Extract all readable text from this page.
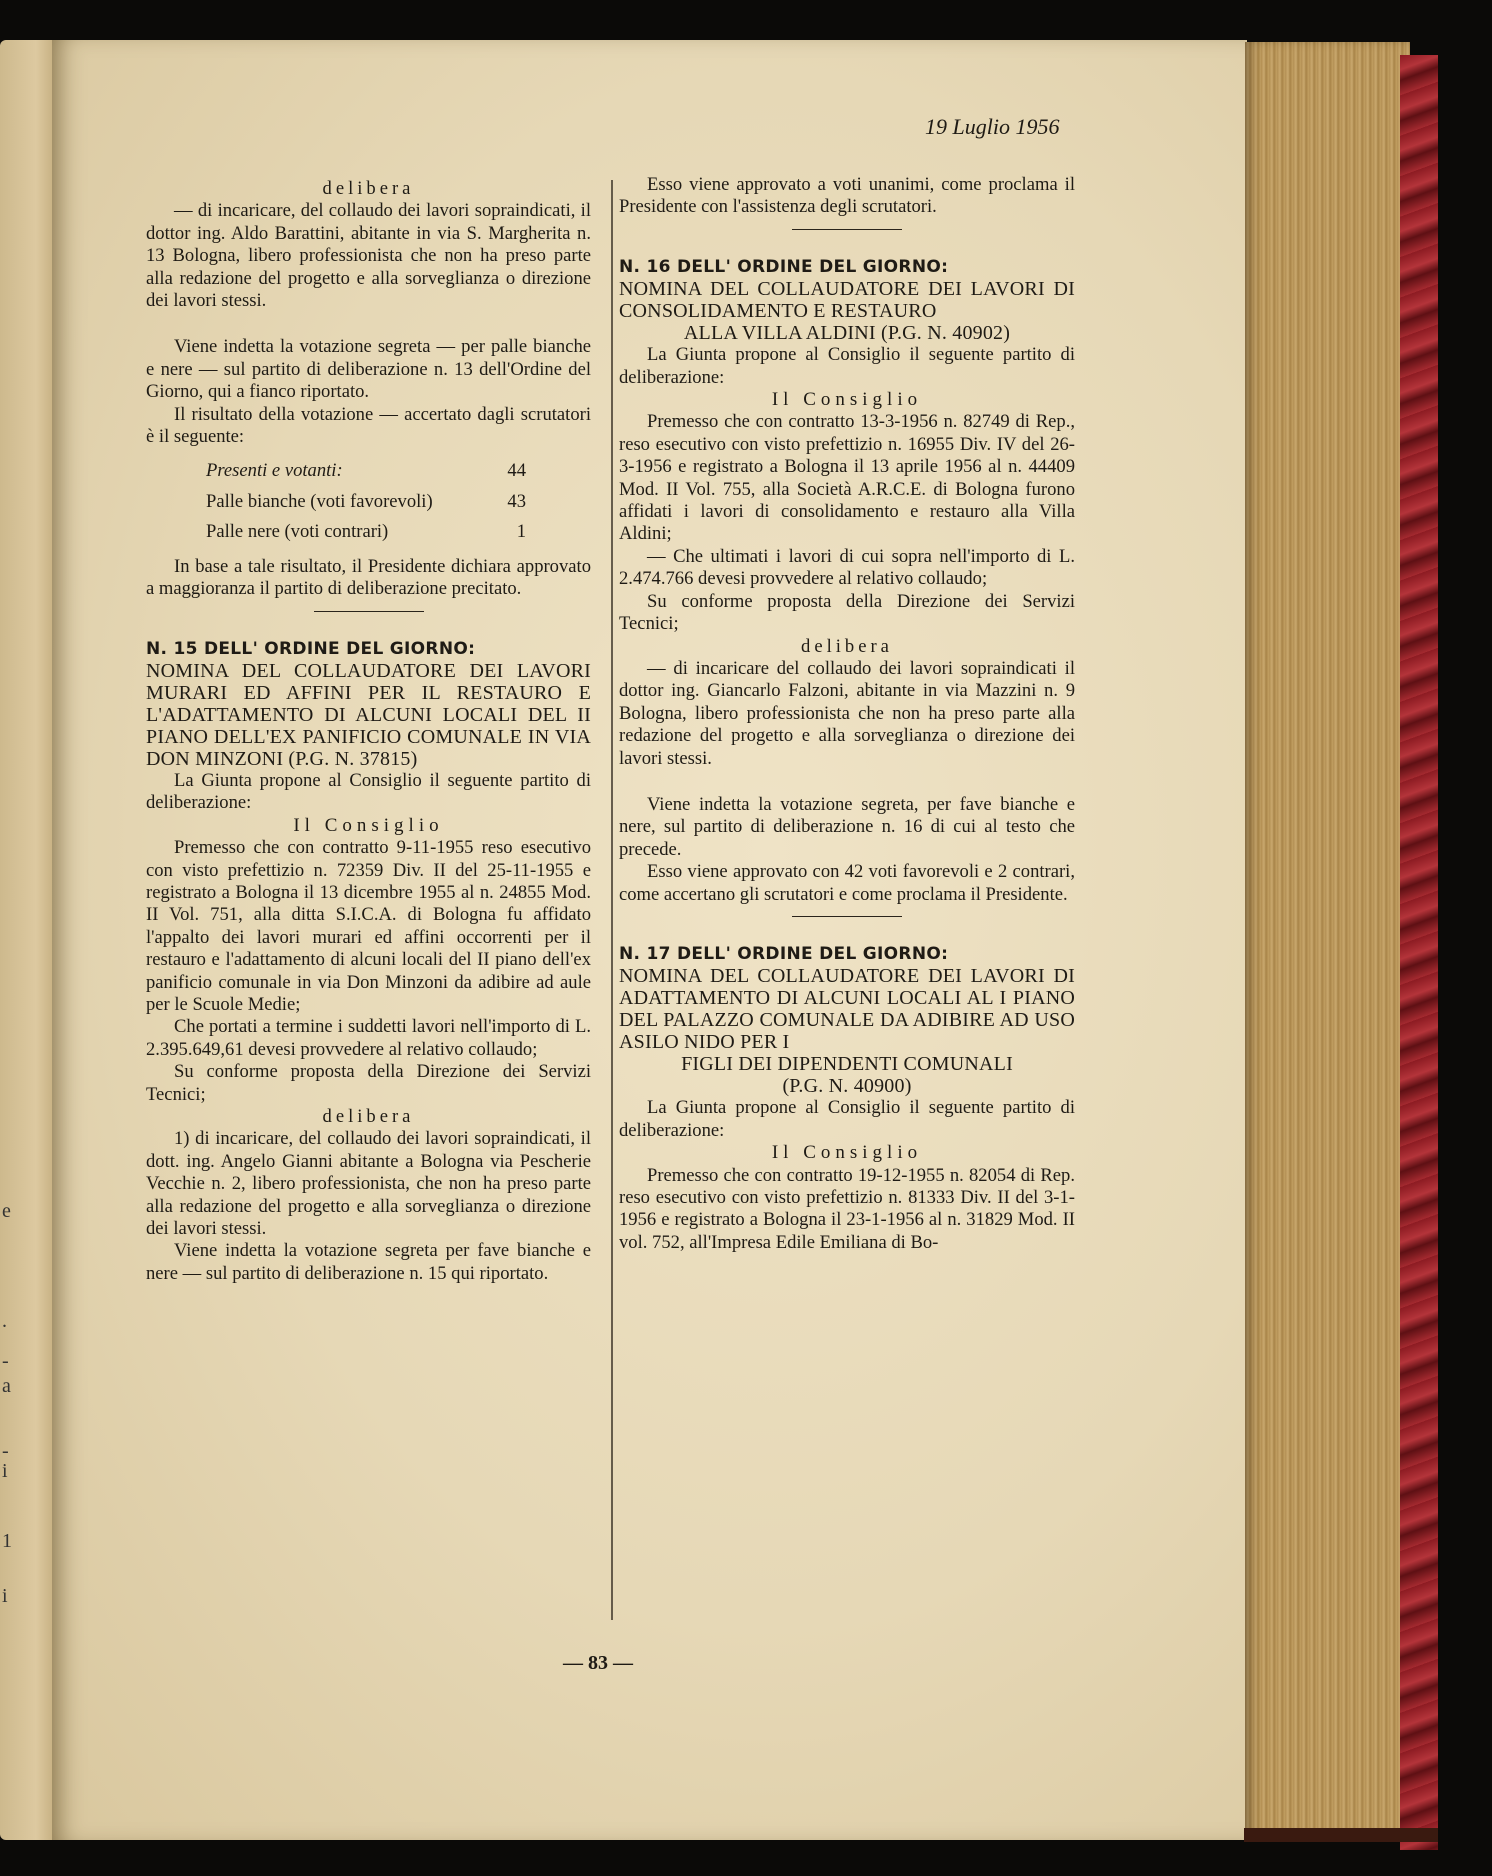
e
.
-
a
-
i
1
i
19 Luglio 1956

delibera

— di incaricare, del collaudo dei lavori sopraindicati, il dottor ing. Aldo Barattini, abitante in via S. Margherita n. 13 Bologna, libero professionista che non ha preso parte alla redazione del progetto e alla sorveglianza o direzione dei lavori stessi.

Viene indetta la votazione segreta — per palle bianche e nere — sul partito di deliberazione n. 13 dell'Ordine del Giorno, qui a fianco riportato.

Il risultato della votazione — accertato dagli scrutatori è il seguente:

Presenti e votanti:	44
Palle bianche (voti favorevoli)	43
Palle nere (voti contrari)	1

In base a tale risultato, il Presidente dichiara approvato a maggioranza il partito di deliberazione precitato.

N. 15 DELL' ORDINE DEL GIORNO:

NOMINA DEL COLLAUDATORE DEI LAVORI MURARI ED AFFINI PER IL RESTAURO E L'ADATTAMENTO DI ALCUNI LOCALI DEL II PIANO DELL'EX PANIFICIO COMUNALE IN VIA DON MINZONI (P.G. N. 37815)

La Giunta propone al Consiglio il seguente partito di deliberazione:

Il Consiglio

Premesso che con contratto 9-11-1955 reso esecutivo con visto prefettizio n. 72359 Div. II del 25-11-1955 e registrato a Bologna il 13 dicembre 1955 al n. 24855 Mod. II Vol. 751, alla ditta S.I.C.A. di Bologna fu affidato l'appalto dei lavori murari ed affini occorrenti per il restauro e l'adattamento di alcuni locali del II piano dell'ex panificio comunale in via Don Minzoni da adibire ad aule per le Scuole Medie;

Che portati a termine i suddetti lavori nell'importo di L. 2.395.649,61 devesi provvedere al relativo collaudo;

Su conforme proposta della Direzione dei Servizi Tecnici;

delibera

1) di incaricare, del collaudo dei lavori sopraindicati, il dott. ing. Angelo Gianni abitante a Bologna via Pescherie Vecchie n. 2, libero professionista, che non ha preso parte alla redazione del progetto e alla sorveglianza o direzione dei lavori stessi.

Viene indetta la votazione segreta per fave bianche e nere — sul partito di deliberazione n. 15 qui riportato.

Esso viene approvato a voti unanimi, come proclama il Presidente con l'assistenza degli scrutatori.

N. 16 DELL' ORDINE DEL GIORNO:

NOMINA DEL COLLAUDATORE DEI LAVORI DI CONSOLIDAMENTO E RESTAURO
ALLA VILLA ALDINI (P.G. N. 40902)

La Giunta propone al Consiglio il seguente partito di deliberazione:

Il Consiglio

Premesso che con contratto 13-3-1956 n. 82749 di Rep., reso esecutivo con visto prefettizio n. 16955 Div. IV del 26-3-1956 e registrato a Bologna il 13 aprile 1956 al n. 44409 Mod. II Vol. 755, alla Società A.R.C.E. di Bologna furono affidati i lavori di consolidamento e restauro alla Villa Aldini;

— Che ultimati i lavori di cui sopra nell'importo di L. 2.474.766 devesi provvedere al relativo collaudo;

Su conforme proposta della Direzione dei Servizi Tecnici;

delibera

— di incaricare del collaudo dei lavori sopraindicati il dottor ing. Giancarlo Falzoni, abitante in via Mazzini n. 9 Bologna, libero professionista che non ha preso parte alla redazione del progetto e alla sorveglianza o direzione dei lavori stessi.

Viene indetta la votazione segreta, per fave bianche e nere, sul partito di deliberazione n. 16 di cui al testo che precede.

Esso viene approvato con 42 voti favorevoli e 2 contrari, come accertano gli scrutatori e come proclama il Presidente.

N. 17 DELL' ORDINE DEL GIORNO:

NOMINA DEL COLLAUDATORE DEI LAVORI DI ADATTAMENTO DI ALCUNI LOCALI AL I PIANO DEL PALAZZO COMUNALE DA ADIBIRE AD USO ASILO NIDO PER I
FIGLI DEI DIPENDENTI COMUNALI
(P.G. N. 40900)

La Giunta propone al Consiglio il seguente partito di deliberazione:

Il Consiglio

Premesso che con contratto 19-12-1955 n. 82054 di Rep. reso esecutivo con visto prefettizio n. 81333 Div. II del 3-1-1956 e registrato a Bologna il 23-1-1956 al n. 31829 Mod. II vol. 752, all'Impresa Edile Emiliana di Bo-

— 83 —
